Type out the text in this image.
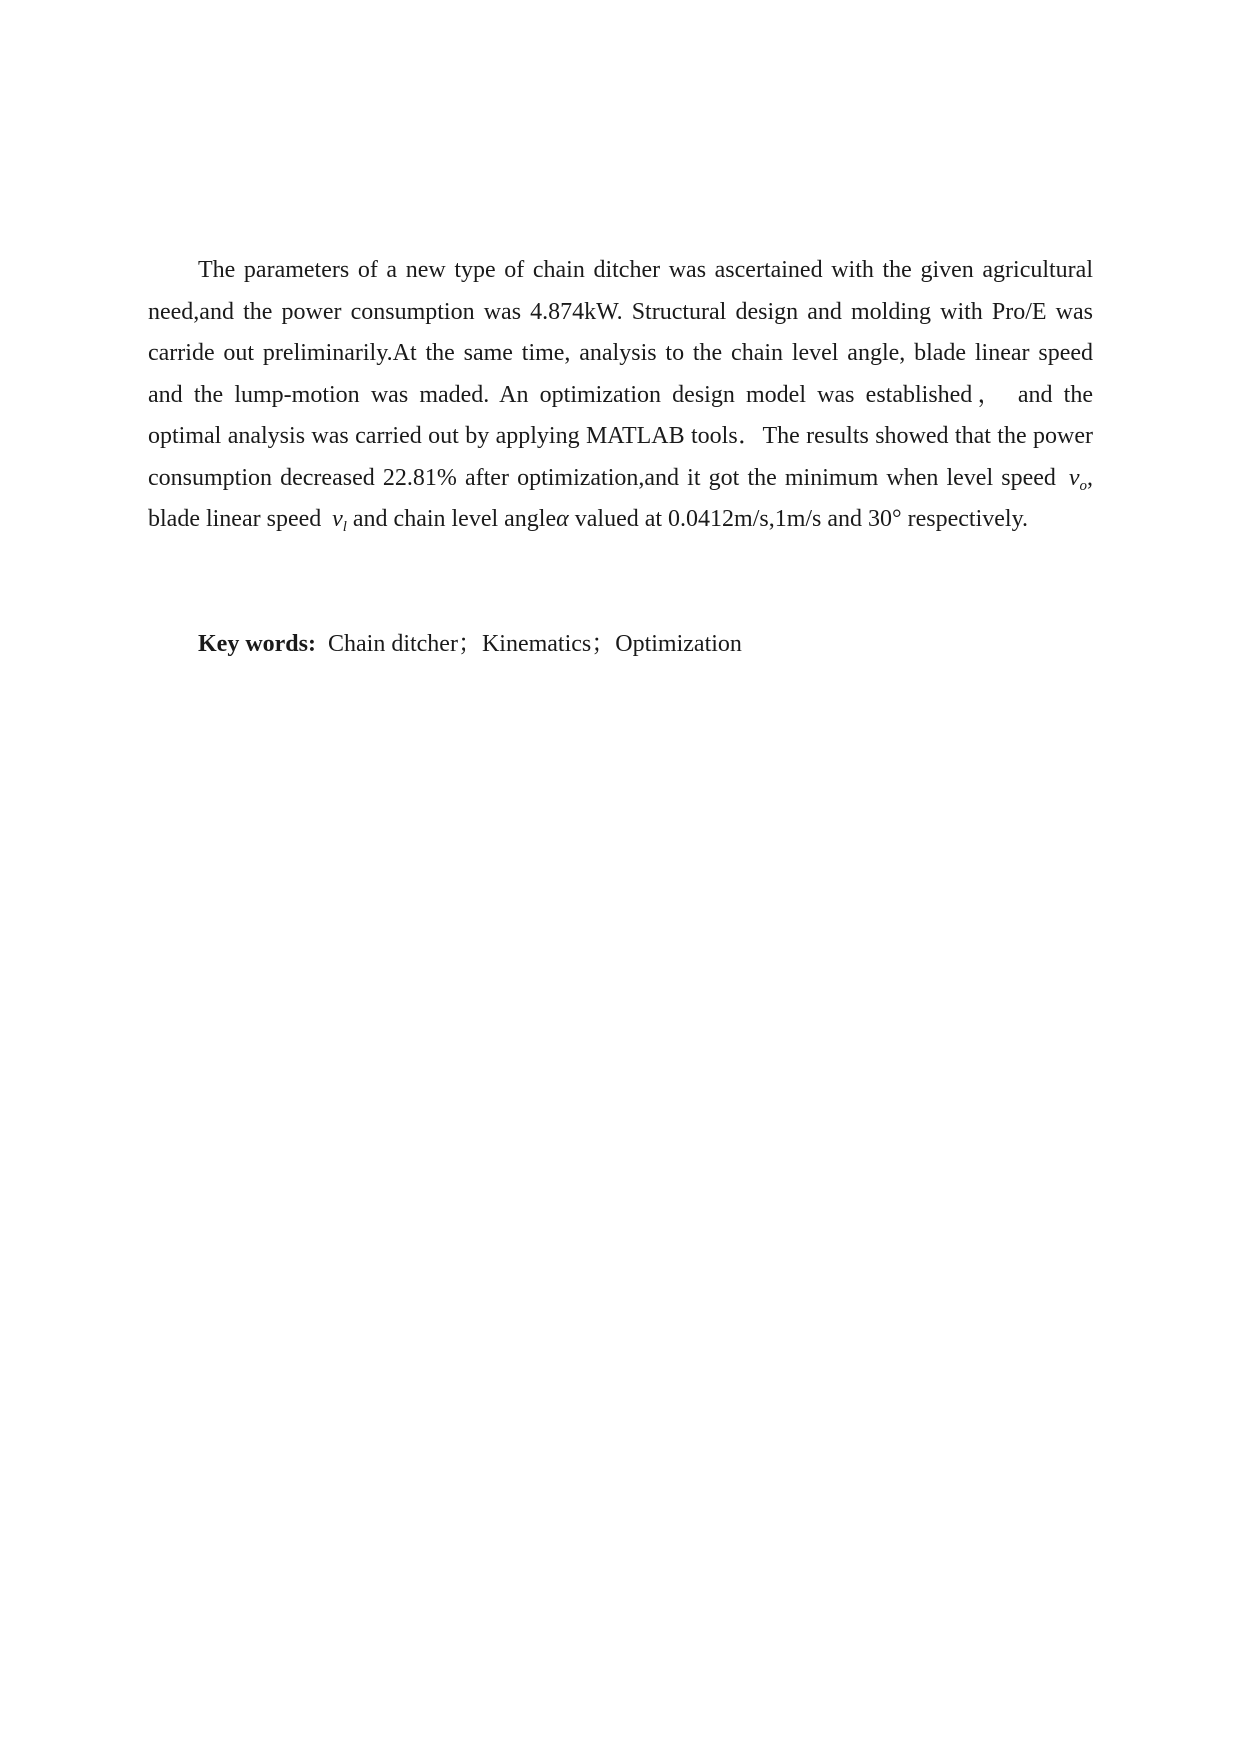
The parameters of a new type of chain ditcher was ascertained with the given agricultural need,and the power consumption was 4.874kW. Structural design and molding with Pro/E was carride out preliminarily.At the same time, analysis to the chain level angle, blade linear speed and the lump-motion was maded. An optimization design model was established， and the optimal analysis was carried out by applying MATLAB tools．The results showed that the power consumption decreased 22.81% after optimization,and it got the minimum when level speed  $v_o$, blade linear speed  $v_l$ and chain level angleα valued at 0.0412m/s,1m/s and 30° respectively.

Key words: Chain ditcher；Kinematics；Optimization
